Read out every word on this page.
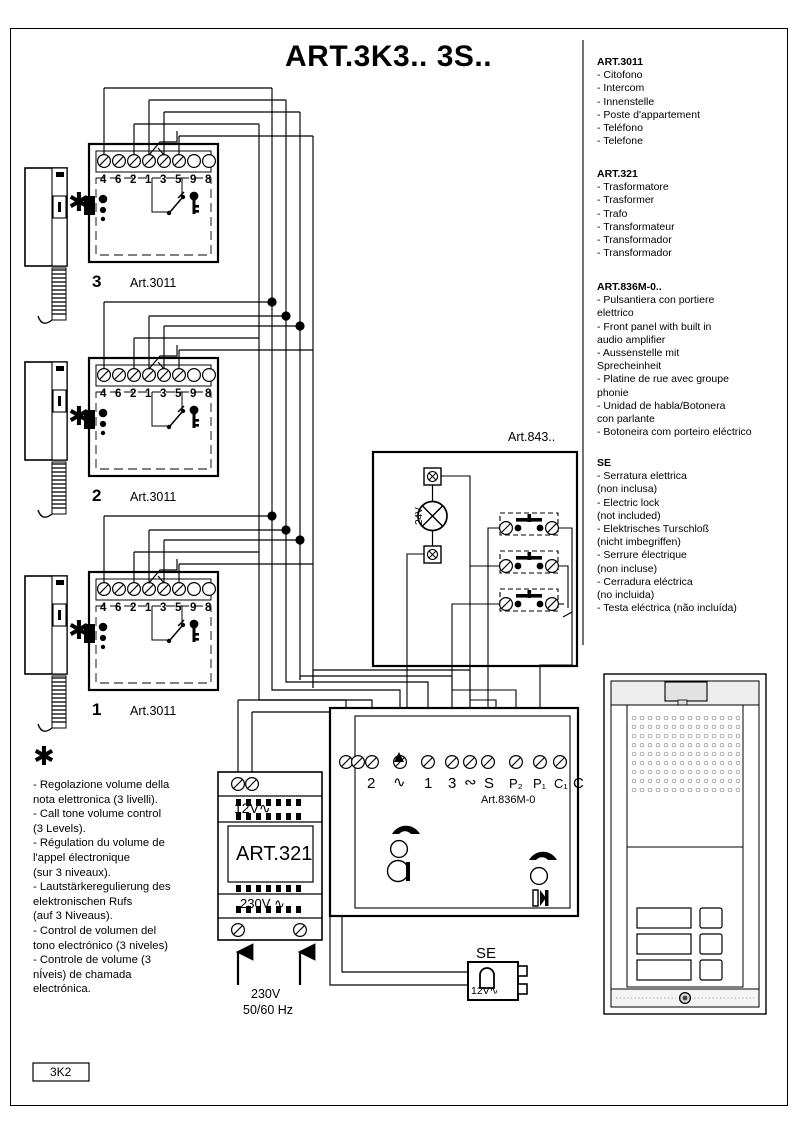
ART.3K3.. 3S..	ART.3011
- Citofono
- Intercom
- Innenstelle
- Poste d'appartement
- Teléfono
- Telefone
ART.321
- Trasformatore
- Trasformer
- Trafo
- Transformateur
- Transformador
- Transformador
ART.836M-0..
- Pulsantiera con portiere
elettrico
- Front panel with built in
audio amplifier
- Aussenstelle mit
Sprecheinheit
- Platine de rue avec groupe
phonie
- Unidad de habla/Botonera
con parlante
- Botoneira com porteiro eléctrico
SE
- Serratura elettrica
(non inclusa)
- Electric lock
(not included)
- Elektrisches Turschloß
(nicht imbegriffen)
- Serrure électrique
(non incluse)
- Cerradura eléctrica
(no incluida)
- Testa eléctrica (não incluída)
4 6 2 1 3 5 9 8
3 Art.3011
✱
4 6 2 1 3 5 9 8
2 Art.3011
✱
4 6 2 1 3 5 9 8
1 Art.3011
✱
✱
- Regolazione volume della
nota elettronica (3 livelli).
- Call tone volume control
(3 Levels).
- Régulation du volume de
l'appel électronique
(sur 3 niveaux).
- Lautstärkeregulierung des
elektronischen Rufs
(auf 3 Niveaus).
- Control de volumen del
tono electrónico (3 niveles)
- Controle de volume (3
nÍveis) de chamada
electrónica.
Art.843..
24V
2 ∿ 1 3 ∾ S P₂ P₁ C₁ C
Art.836M-0
12V∿
ART.321
230V ∿
230V
50/60 Hz
SE
12V∿
3K2
